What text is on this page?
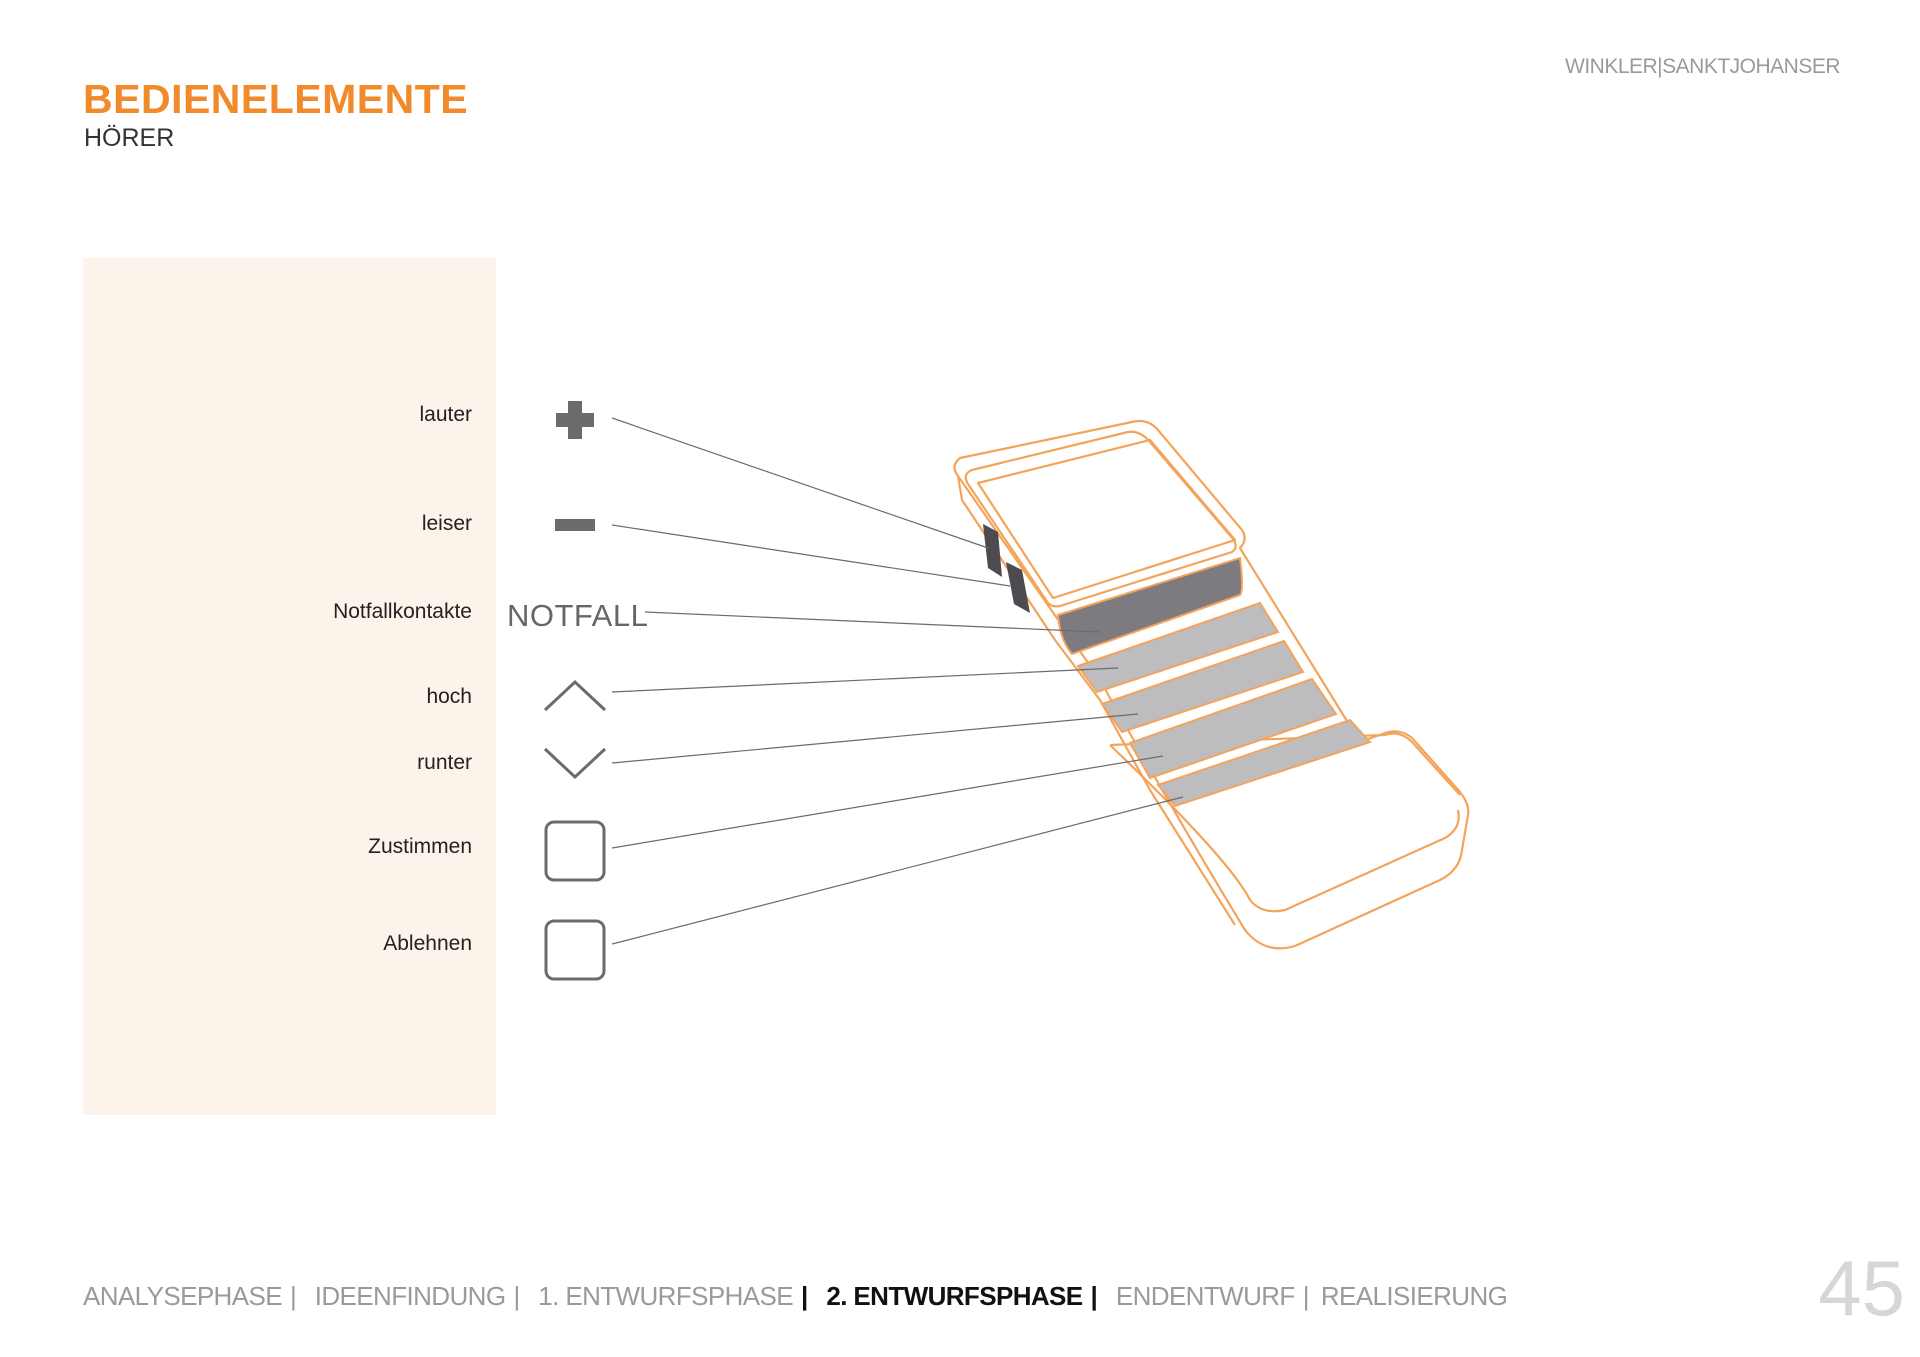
BEDIENELEMENTE
HÖRER
WINKLER|SANKTJOHANSER
lauter
leiser
Notfallkontakte
hoch
runter
Zustimmen
Ablehnen
NOTFALL
ANALYSEPHASE | IDEENFINDUNG | 1. ENTWURFSPHASE | 2. ENTWURFSPHASE | ENDENTWURF | REALISIERUNG	45
